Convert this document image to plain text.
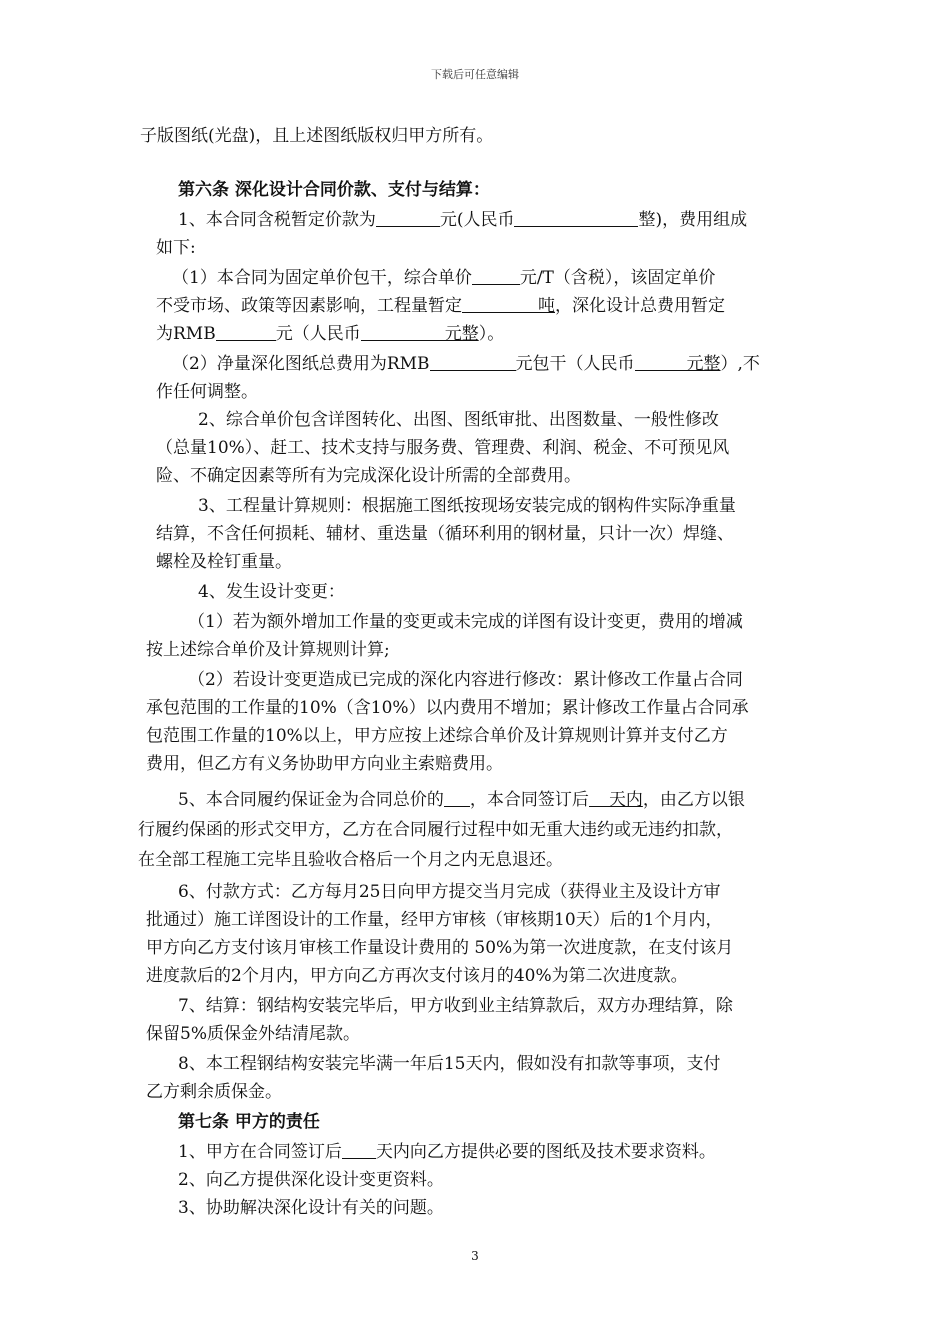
下载后可任意编辑
子版图纸(光盘)，且上述图纸版权归甲方所有。
第六条 深化设计合同价款、支付与结算：
1、本合同含税暂定价款为	元(人民币	整)，费用组成
如下:
（1）本合同为固定单价包干，综合单价	元/T（含税），该固定单价
不受市场、政策等因素影响，工程量暂定	吨，深化设计总费用暂定
为RMB	元（人民币	元整）。
（2）净量深化图纸总费用为RMB	元包干（人民币	元整）,不
作任何调整。
2、综合单价包含详图转化、出图、图纸审批、出图数量、一般性修改
（总量10%）、赶工、技术支持与服务费、管理费、利润、税金、不可预见风
险、不确定因素等所有为完成深化设计所需的全部费用。
3、工程量计算规则：根据施工图纸按现场安装完成的钢构件实际净重量
结算，不含任何损耗、辅材、重迭量（循环利用的钢材量，只计一次）焊缝、
螺栓及栓钉重量。
4、发生设计变更：
（1）若为额外增加工作量的变更或未完成的详图有设计变更，费用的增减
按上述综合单价及计算规则计算;
（2）若设计变更造成已完成的深化内容进行修改：累计修改工作量占合同
承包范围的工作量的10%（含10%）以内费用不增加；累计修改工作量占合同承
包范围工作量的10%以上，甲方应按上述综合单价及计算规则计算并支付乙方
费用，但乙方有义务协助甲方向业主索赔费用。
5、本合同履约保证金为合同总价的 ，本合同签订后 天内，由乙方以银
行履约保函的形式交甲方，乙方在合同履行过程中如无重大违约或无违约扣款，
在全部工程施工完毕且验收合格后一个月之内无息退还。
6、付款方式：乙方每月25日向甲方提交当月完成（获得业主及设计方审
批通过）施工详图设计的工作量，经甲方审核（审核期10天）后的1个月内，
甲方向乙方支付该月审核工作量设计费用的 50%为第一次进度款，在支付该月
进度款后的2个月内，甲方向乙方再次支付该月的40%为第二次进度款。
7、结算：钢结构安装完毕后，甲方收到业主结算款后，双方办理结算，除
保留5%质保金外结清尾款。
8、本工程钢结构安装完毕满一年后15天内，假如没有扣款等事项，支付
乙方剩余质保金。
第七条 甲方的责任
1、甲方在合同签订后 天内向乙方提供必要的图纸及技术要求资料。
2、向乙方提供深化设计变更资料。
3、协助解决深化设计有关的问题。
3
